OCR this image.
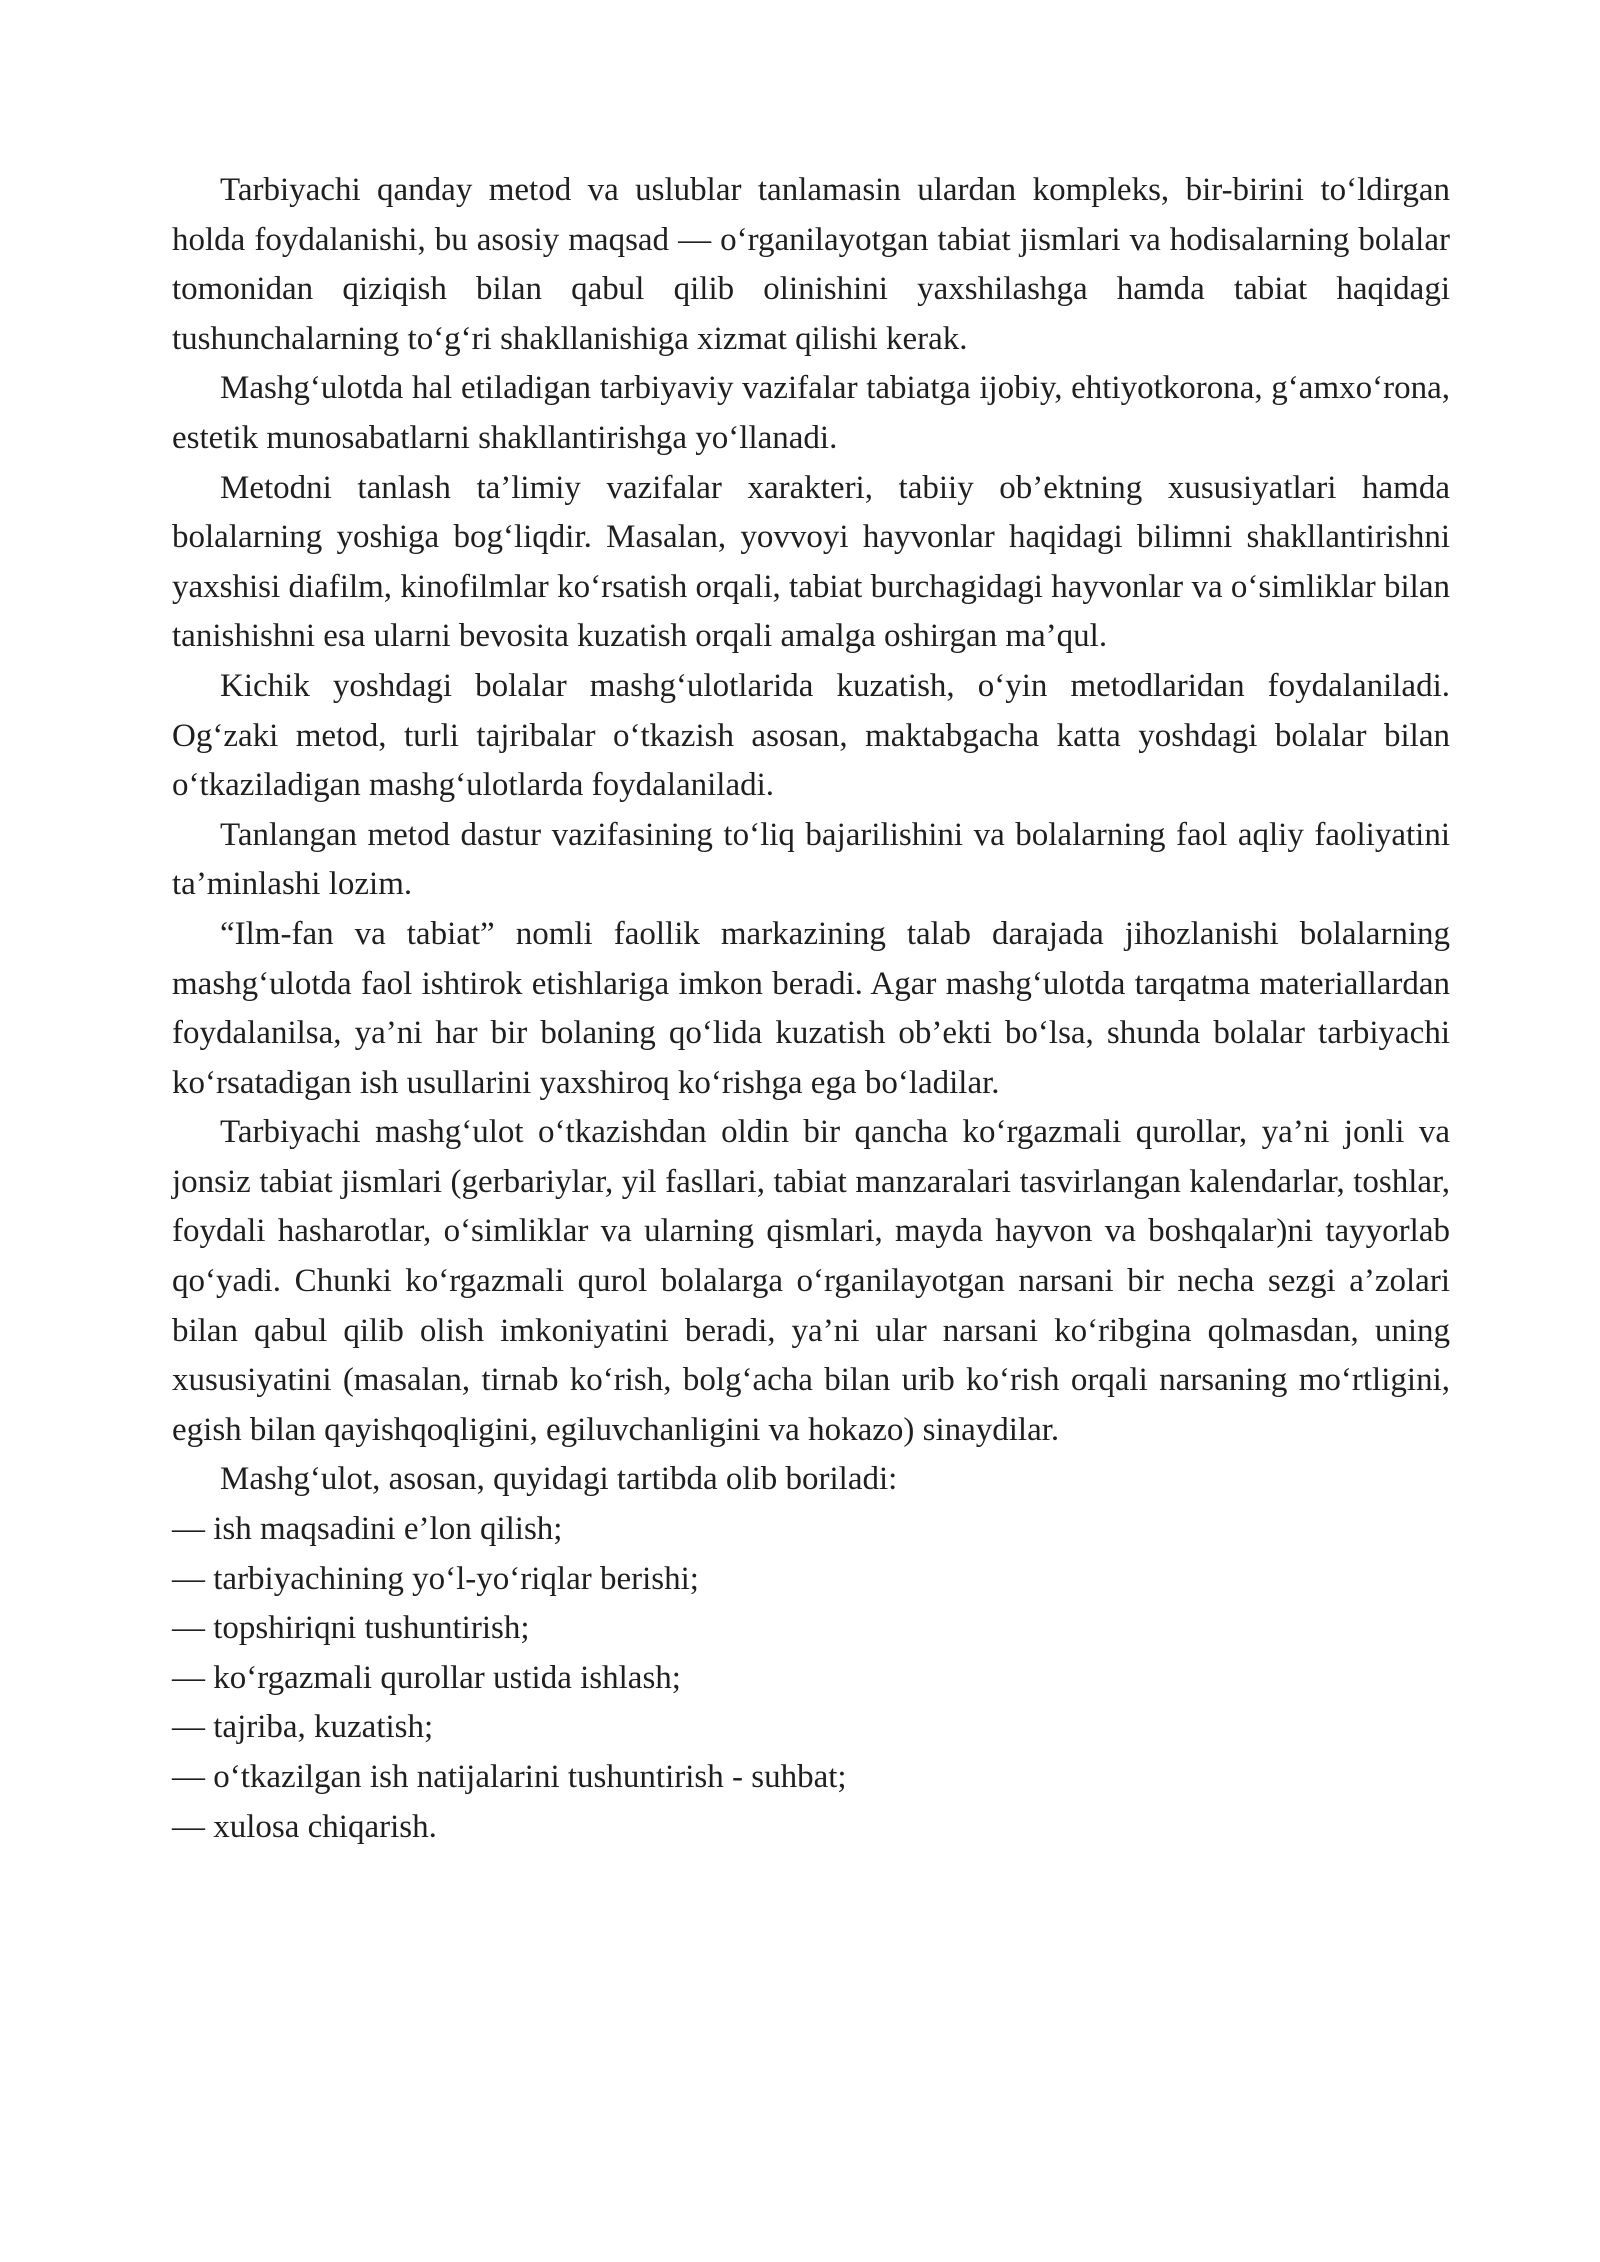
Tarbiyachi qanday metod va uslublar tanlamasin ulardan kompleks, bir-birini to‘ldirgan holda foydalanishi, bu asosiy maqsad — o‘rganilayotgan tabiat jismlari va hodisalarning bolalar tomonidan qiziqish bilan qabul qilib olinishini yaxshilashga hamda tabiat haqidagi tushunchalarning to‘g‘ri shakllanishiga xizmat qilishi kerak.

Mashg‘ulotda hal etiladigan tarbiyaviy vazifalar tabiatga ijobiy, ehtiyotkorona, g‘amxo‘rona, estetik munosabatlarni shakllantirishga yo‘llanadi.

Metodni tanlash ta’limiy vazifalar xarakteri, tabiiy ob’ektning xususiyatlari hamda bolalarning yoshiga bog‘liqdir. Masalan, yovvoyi hayvonlar haqidagi bilimni shakllantirishni yaxshisi diafilm, kinofilmlar ko‘rsatish orqali, tabiat burchagidagi hayvonlar va o‘simliklar bilan tanishishni esa ularni bevosita kuzatish orqali amalga oshirgan ma’qul.

Kichik yoshdagi bolalar mashg‘ulotlarida kuzatish, o‘yin metodlaridan foydalaniladi. Og‘zaki metod, turli tajribalar o‘tkazish asosan, maktabgacha katta yoshdagi bolalar bilan o‘tkaziladigan mashg‘ulotlarda foydalaniladi.

Tanlangan metod dastur vazifasining to‘liq bajarilishini va bolalarning faol aqliy faoliyatini ta’minlashi lozim.

“Ilm-fan va tabiat” nomli faollik markazining talab darajada jihozlanishi bolalarning mashg‘ulotda faol ishtirok etishlariga imkon beradi. Agar mashg‘ulotda tarqatma materiallardan foydalanilsa, ya’ni har bir bolaning qo‘lida kuzatish ob’ekti bo‘lsa, shunda bolalar tarbiyachi ko‘rsatadigan ish usullarini yaxshiroq ko‘rishga ega bo‘ladilar.

Tarbiyachi mashg‘ulot o‘tkazishdan oldin bir qancha ko‘rgazmali qurollar, ya’ni jonli va jonsiz tabiat jismlari (gerbariylar, yil fasllari, tabiat manzaralari tasvirlangan kalendarlar, toshlar, foydali hasharotlar, o‘simliklar va ularning qismlari, mayda hayvon va boshqalar)ni tayyorlab qo‘yadi. Chunki ko‘rgazmali qurol bolalarga o‘rganilayotgan narsani bir necha sezgi a’zolari bilan qabul qilib olish imkoniyatini beradi, ya’ni ular narsani ko‘ribgina qolmasdan, uning xususiyatini (masalan, tirnab ko‘rish, bolg‘acha bilan urib ko‘rish orqali narsaning mo‘rtligini, egish bilan qayishqoqligini, egiluvchanligini va hokazo) sinaydilar.

Mashg‘ulot, asosan, quyidagi tartibda olib boriladi:

— ish maqsadini e’lon qilish;
— tarbiyachining yo‘l-yo‘riqlar berishi;
— topshiriqni tushuntirish;
— ko‘rgazmali qurollar ustida ishlash;
— tajriba, kuzatish;
— o‘tkazilgan ish natijalarini tushuntirish - suhbat;
— xulosa chiqarish.
